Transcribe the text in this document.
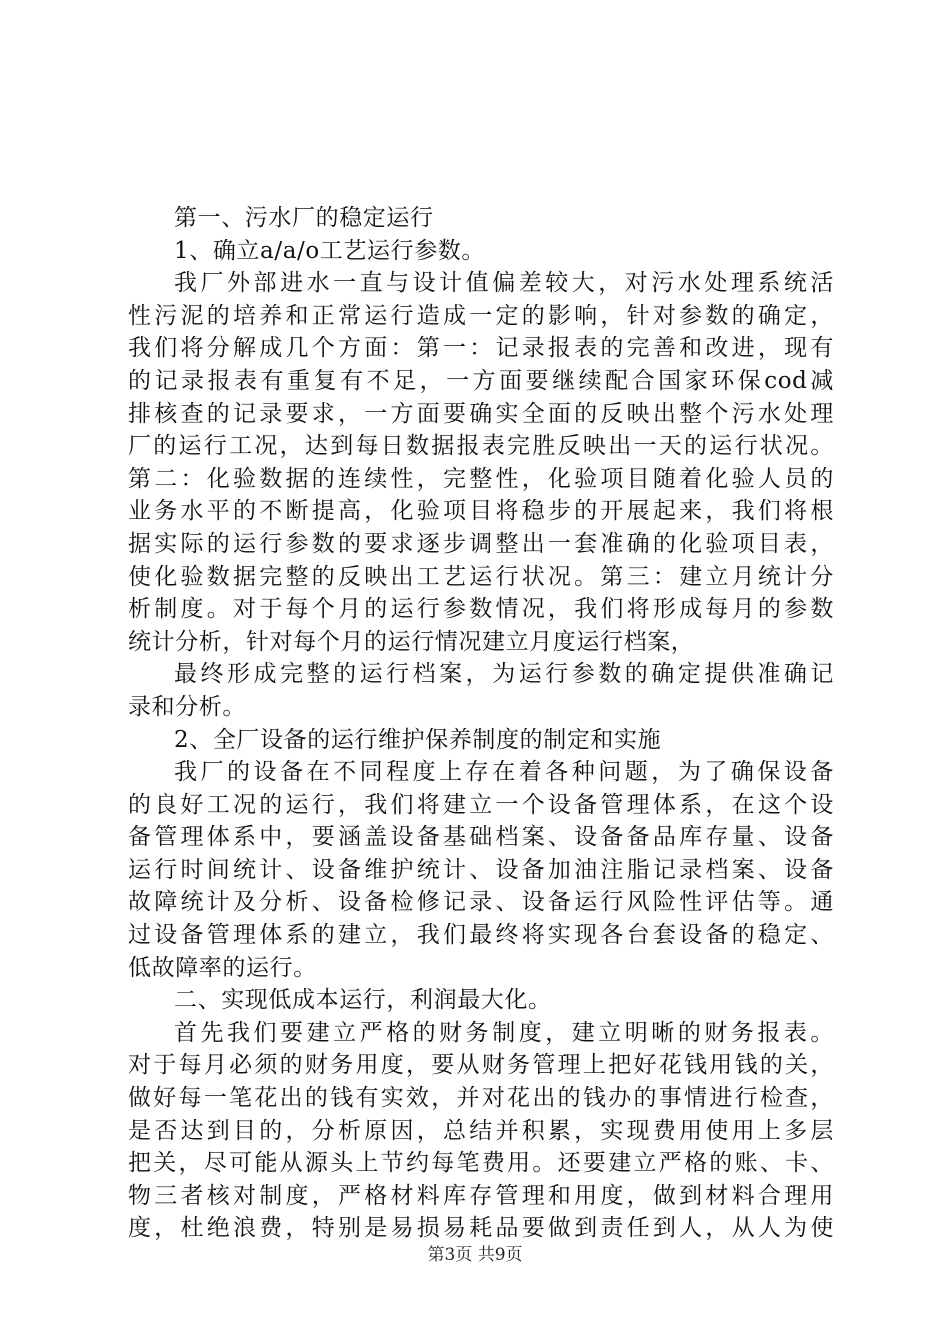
第一、污水厂的稳定运行
1、确立a/a/o工艺运行参数。
我厂外部进水一直与设计值偏差较大，对污水处理系统活
性污泥的培养和正常运行造成一定的影响，针对参数的确定，
我们将分解成几个方面：第一：记录报表的完善和改进，现有
的记录报表有重复有不足，一方面要继续配合国家环保cod减
排核查的记录要求，一方面要确实全面的反映出整个污水处理
厂的运行工况，达到每日数据报表完胜反映出一天的运行状况。
第二：化验数据的连续性，完整性，化验项目随着化验人员的
业务水平的不断提高，化验项目将稳步的开展起来，我们将根
据实际的运行参数的要求逐步调整出一套准确的化验项目表，
使化验数据完整的反映出工艺运行状况。第三：建立月统计分
析制度。对于每个月的运行参数情况，我们将形成每月的参数
统计分析，针对每个月的运行情况建立月度运行档案，
最终形成完整的运行档案，为运行参数的确定提供准确记
录和分析。
2、全厂设备的运行维护保养制度的制定和实施
我厂的设备在不同程度上存在着各种问题，为了确保设备
的良好工况的运行，我们将建立一个设备管理体系，在这个设
备管理体系中，要涵盖设备基础档案、设备备品库存量、设备
运行时间统计、设备维护统计、设备加油注脂记录档案、设备
故障统计及分析、设备检修记录、设备运行风险性评估等。通
过设备管理体系的建立，我们最终将实现各台套设备的稳定、
低故障率的运行。
二、实现低成本运行，利润最大化。
首先我们要建立严格的财务制度，建立明晰的财务报表。
对于每月必须的财务用度，要从财务管理上把好花钱用钱的关，
做好每一笔花出的钱有实效，并对花出的钱办的事情进行检查，
是否达到目的，分析原因，总结并积累，实现费用使用上多层
把关，尽可能从源头上节约每笔费用。还要建立严格的账、卡、
物三者核对制度，严格材料库存管理和用度，做到材料合理用
度，杜绝浪费，特别是易损易耗品要做到责任到人，从人为使
第3页 共9页
